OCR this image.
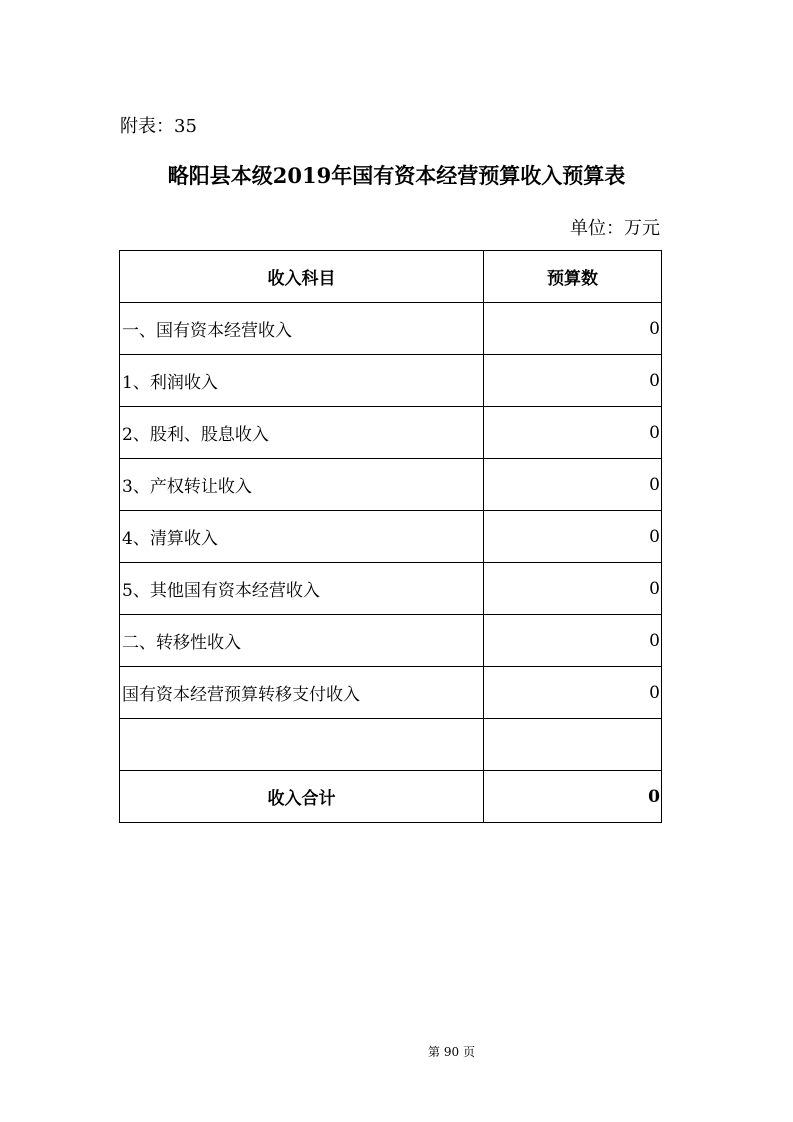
附表：35
略阳县本级2019年国有资本经营预算收入预算表
单位：万元
收入科目	预算数
一、国有资本经营收入	0
1、利润收入	0
2、股利、股息收入	0
3、产权转让收入	0
4、清算收入	0
5、其他国有资本经营收入	0
二、转移性收入	0
国有资本经营预算转移支付收入	0

收入合计	0
第 90 页
